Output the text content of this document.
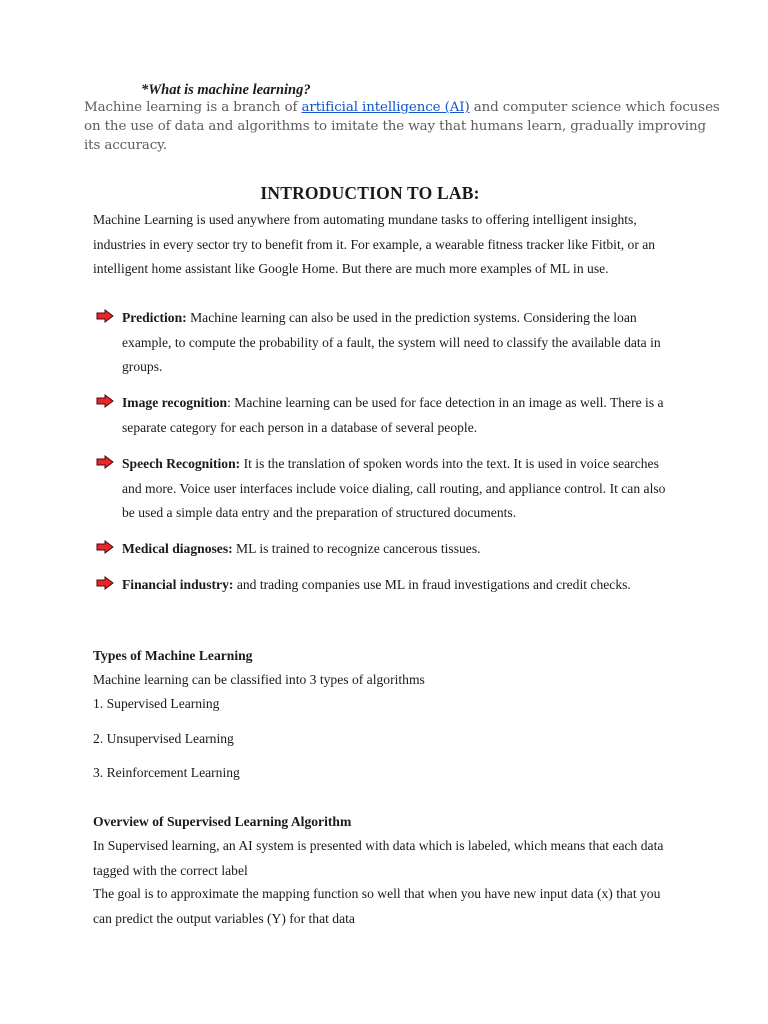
*What is machine learning?
Machine learning is a branch of artificial intelligence (AI) and computer science which focuses on the use of data and algorithms to imitate the way that humans learn, gradually improving its accuracy.
INTRODUCTION TO LAB:
Machine Learning is used anywhere from automating mundane tasks to offering intelligent insights, industries in every sector try to benefit from it. For example, a wearable fitness tracker like Fitbit, or an intelligent home assistant like Google Home. But there are much more examples of ML in use.
Prediction: Machine learning can also be used in the prediction systems. Considering the loan example, to compute the probability of a fault, the system will need to classify the available data in groups.
Image recognition: Machine learning can be used for face detection in an image as well. There is a separate category for each person in a database of several people.
Speech Recognition: It is the translation of spoken words into the text. It is used in voice searches and more. Voice user interfaces include voice dialing, call routing, and appliance control. It can also be used a simple data entry and the preparation of structured documents.
Medical diagnoses: ML is trained to recognize cancerous tissues.
Financial industry: and trading companies use ML in fraud investigations and credit checks.
Types of Machine Learning
Machine learning can be classified into 3 types of algorithms
1. Supervised Learning
2. Unsupervised Learning
3. Reinforcement Learning
Overview of Supervised Learning Algorithm
In Supervised learning, an AI system is presented with data which is labeled, which means that each data tagged with the correct label
The goal is to approximate the mapping function so well that when you have new input data (x) that you can predict the output variables (Y) for that data
